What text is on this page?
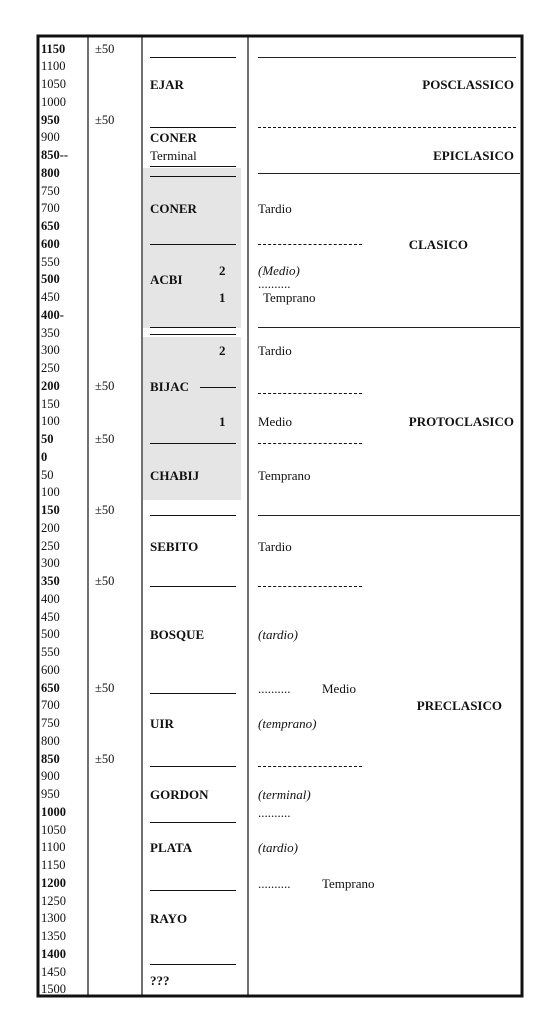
1150
1100
1050
1000
950
900
850--
800
750
700
650
600
550
500
450
400-
350
300
250
200
150
100
50
0
50
100
150
200
250
300
350
400
450
500
550
600
650
700
750
800
850
900
950
1000
1050
1100
1150
1200
1250
1300
1350
1400
1450
1500
±50
±50
±50
±50
±50
±50
±50
±50
EJAR
CONER
Terminal
CONER
ACBI
BIJAC
CHABIJ
SEBITO
BOSQUE
UIR
GORDON
PLATA
RAYO
???
2
1
2
1
Tardio
(Medio)
..........
Temprano
Tardio
Medio
Temprano
Tardio
(tardio)
.......... Medio
(temprano)
(terminal)
..........
(tardio)
.......... Temprano
POSCLASSICO
EPICLASICO
CLASICO
PROTOCLASICO
PRECLASICO
